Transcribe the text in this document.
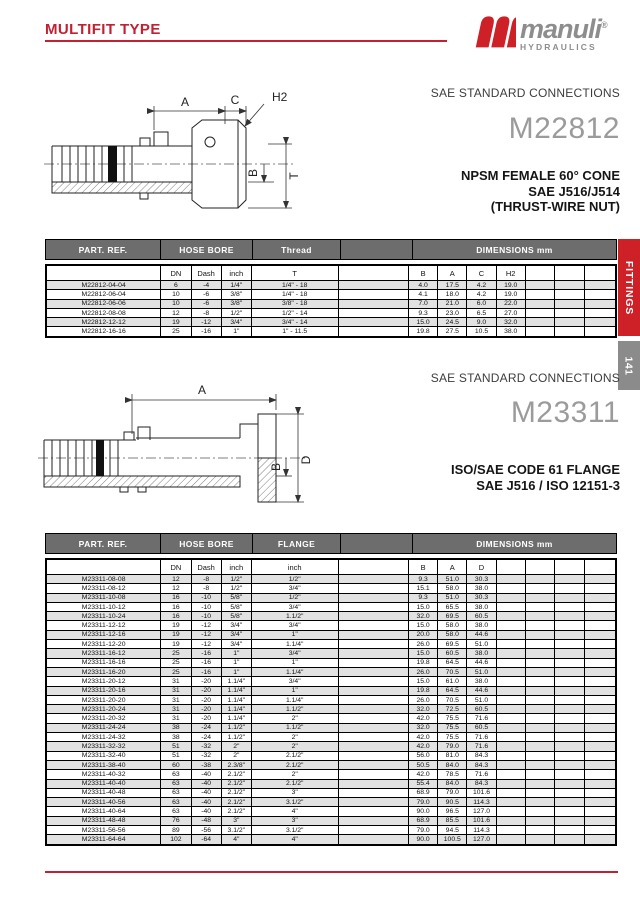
MULTIFIT TYPE	manuli®
HYDRAULICS
SAE STANDARD CONNECTIONS
M22812
NPSM FEMALE 60° CONE
SAE J516/J514
(THRUST-WIRE NUT)
A	C	H2
B T
PART. REF.	HOSE BORE	Thread	DIMENSIONS mm
	DN	Dash	inch	T		B	A	C	H2			
M22812-04-04	6	-4	1/4"	1/4" - 18		4.0	17.5	4.2	19.0			
M22812-06-04	10	-6	3/8"	1/4" - 18		4.1	18.0	4.2	19.0			
M22812-06-06	10	-6	3/8"	3/8" - 18		7.0	21.0	6.0	22.0			
M22812-08-08	12	-8	1/2"	1/2" - 14		9.3	23.0	6.5	27.0			
M22812-12-12	19	-12	3/4"	3/4" - 14		15.0	24.5	9.0	32.0			
M22812-16-16	25	-16	1"	1" - 11.5		19.8	27.5	10.5	38.0			
FITTINGS
141
SAE STANDARD CONNECTIONS
M23311
ISO/SAE CODE 61 FLANGE
SAE J516 / ISO 12151-3
A
B
D
PART. REF.	HOSE BORE	FLANGE	DIMENSIONS mm
	DN	Dash	inch	inch		B	A	D				
M23311-08-08	12	-8	1/2"	1/2"		9.3	51.0	30.3				
M23311-08-12	12	-8	1/2"	3/4"		15.1	58.0	38.0				
M23311-10-08	16	-10	5/8"	1/2"		9.3	51.0	30.3				
M23311-10-12	16	-10	5/8"	3/4"		15.0	65.5	38.0				
M23311-10-24	16	-10	5/8"	1.1/2"		32.0	69.5	60.5				
M23311-12-12	19	-12	3/4"	3/4"		15.0	58.0	38.0				
M23311-12-16	19	-12	3/4"	1"		20.0	58.0	44.6				
M23311-12-20	19	-12	3/4"	1.1/4"		26.0	69.5	51.0				
M23311-16-12	25	-16	1"	3/4"		15.0	60.5	38.0				
M23311-16-16	25	-16	1"	1"		19.8	64.5	44.6				
M23311-16-20	25	-16	1"	1.1/4"		26.0	70.5	51.0				
M23311-20-12	31	-20	1.1/4"	3/4"		15.0	61.0	38.0				
M23311-20-16	31	-20	1.1/4"	1"		19.8	64.5	44.6				
M23311-20-20	31	-20	1.1/4"	1.1/4"		26.0	70.5	51.0				
M23311-20-24	31	-20	1.1/4"	1.1/2"		32.0	72.5	60.5				
M23311-20-32	31	-20	1.1/4"	2"		42.0	75.5	71.6				
M23311-24-24	38	-24	1.1/2"	1.1/2"		32.0	75.5	60.5				
M23311-24-32	38	-24	1.1/2"	2"		42.0	75.5	71.6				
M23311-32-32	51	-32	2"	2"		42.0	79.0	71.6				
M23311-32-40	51	-32	2"	2.1/2"		56.0	81.0	84.3				
M23311-38-40	60	-38	2.3/8"	2.1/2"		50.5	84.0	84.3				
M23311-40-32	63	-40	2.1/2"	2"		42.0	78.5	71.6				
M23311-40-40	63	-40	2.1/2"	2.1/2"		55.4	84.0	84.3				
M23311-40-48	63	-40	2.1/2"	3"		68.9	79.0	101.6				
M23311-40-56	63	-40	2.1/2"	3.1/2"		79.0	90.5	114.3				
M23311-40-64	63	-40	2.1/2"	4"		90.0	96.5	127.0				
M23311-48-48	76	-48	3"	3"		68.9	85.5	101.6				
M23311-56-56	89	-56	3.1/2"	3.1/2"		79.0	94.5	114.3				
M23311-64-64	102	-64	4"	4"		90.0	100.5	127.0				
